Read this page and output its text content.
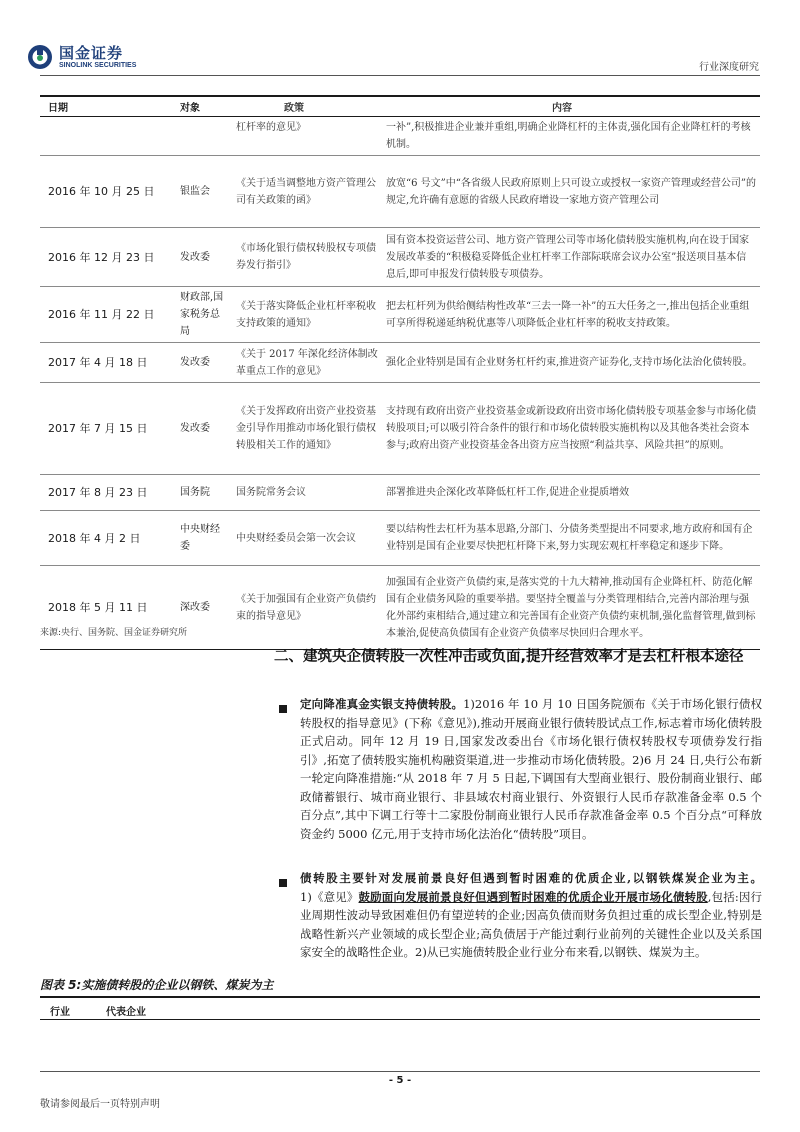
国金证券
SINOLINK SECURITIES	行业深度研究
日期	对象	政策	内容
		杠杆率的意见》	一补”,积极推进企业兼并重组,明确企业降杠杆的主体责,强化国有企业降杠杆的考核机制。
2016 年 10 月 25 日	银监会	《关于适当调整地方资产管理公司有关政策的函》	放宽“6 号文”中“各省级人民政府原则上只可设立或授权一家资产管理或经营公司”的规定,允许确有意愿的省级人民政府增设一家地方资产管理公司
2016 年 12 月 23 日	发改委	《市场化银行债权转股权专项债券发行指引》	国有资本投资运营公司、地方资产管理公司等市场化债转股实施机构,向在设于国家发展改革委的“积极稳妥降低企业杠杆率工作部际联席会议办公室”报送项目基本信息后,即可申报发行债转股专项债券。
2016 年 11 月 22 日	财政部,国家税务总局	《关于落实降低企业杠杆率税收支持政策的通知》	把去杠杆列为供给侧结构性改革“三去一降一补”的五大任务之一,推出包括企业重组可享所得税递延纳税优惠等八项降低企业杠杆率的税收支持政策。
2017 年 4 月 18 日	发改委	《关于 2017 年深化经济体制改革重点工作的意见》	强化企业特别是国有企业财务杠杆约束,推进资产证券化,支持市场化法治化债转股。
2017 年 7 月 15 日	发改委	《关于发挥政府出资产业投资基金引导作用推动市场化银行债权转股相关工作的通知》	支持现有政府出资产业投资基金或新设政府出资市场化债转股专项基金参与市场化债转股项目;可以吸引符合条件的银行和市场化债转股实施机构以及其他各类社会资本参与;政府出资产业投资基金各出资方应当按照“利益共享、风险共担”的原则。
2017 年 8 月 23 日	国务院	国务院常务会议	部署推进央企深化改革降低杠杆工作,促进企业提质增效
2018 年 4 月 2 日	中央财经委	中央财经委员会第一次会议	要以结构性去杠杆为基本思路,分部门、分债务类型提出不同要求,地方政府和国有企业特别是国有企业要尽快把杠杆降下来,努力实现宏观杠杆率稳定和逐步下降。
2018 年 5 月 11 日	深改委	《关于加强国有企业资产负债约束的指导意见》	加强国有企业资产负债约束,是落实党的十九大精神,推动国有企业降杠杆、防范化解国有企业债务风险的重要举措。要坚持全覆盖与分类管理相结合,完善内部治理与强化外部约束相结合,通过建立和完善国有企业资产负债约束机制,强化监督管理,做到标本兼治,促使高负债国有企业资产负债率尽快回归合理水平。
来源:央行、国务院、国金证券研究所
二、建筑央企债转股一次性冲击或负面,提升经营效率才是去杠杆根本途径
定向降准真金实银支持债转股。1)2016 年 10 月 10 日国务院颁布《关于市场化银行债权转股权的指导意见》(下称《意见》),推动开展商业银行债转股试点工作,标志着市场化债转股正式启动。同年 12 月 19 日,国家发改委出台《市场化银行债权转股权专项债券发行指引》,拓宽了债转股实施机构融资渠道,进一步推动市场化债转股。2)6 月 24 日,央行公布新一轮定向降准措施:“从 2018 年 7 月 5 日起,下调国有大型商业银行、股份制商业银行、邮政储蓄银行、城市商业银行、非县域农村商业银行、外资银行人民币存款准备金率 0.5 个百分点”,其中下调工行等十二家股份制商业银行人民币存款准备金率 0.5 个百分点“可释放资金约 5000 亿元,用于支持市场化法治化“债转股”项目。
债转股主要针对发展前景良好但遇到暂时困难的优质企业,以钢铁煤炭企业为主。1)《意见》鼓励面向发展前景良好但遇到暂时困难的优质企业开展市场化债转股,包括:因行业周期性波动导致困难但仍有望逆转的企业;因高负债而财务负担过重的成长型企业,特别是战略性新兴产业领域的成长型企业;高负债居于产能过剩行业前列的关键性企业以及关系国家安全的战略性企业。2)从已实施债转股企业行业分布来看,以钢铁、煤炭为主。
图表 5:实施债转股的企业以钢铁、煤炭为主
行业	代表企业
- 5 -
敬请参阅最后一页特别声明
